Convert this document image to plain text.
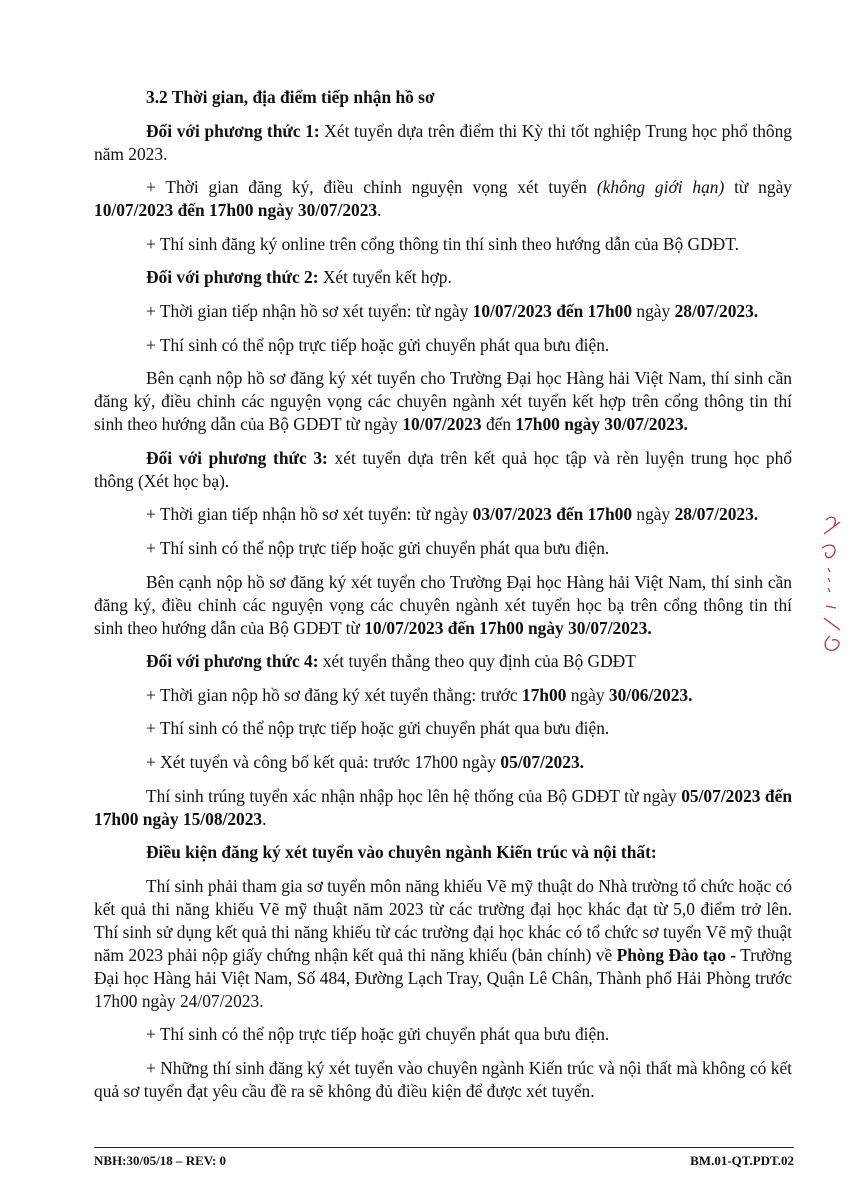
3.2 Thời gian, địa điểm tiếp nhận hồ sơ

Đối với phương thức 1: Xét tuyển dựa trên điểm thi Kỳ thi tốt nghiệp Trung học phổ thông năm 2023.

+ Thời gian đăng ký, điều chỉnh nguyện vọng xét tuyển (không giới hạn) từ ngày 10/07/2023 đến 17h00 ngày 30/07/2023.

+ Thí sinh đăng ký online trên cổng thông tin thí sinh theo hướng dẫn của Bộ GDĐT.

Đối với phương thức 2: Xét tuyển kết hợp.

+ Thời gian tiếp nhận hồ sơ xét tuyển: từ ngày 10/07/2023 đến 17h00 ngày 28/07/2023.

+ Thí sinh có thể nộp trực tiếp hoặc gửi chuyển phát qua bưu điện.

Bên cạnh nộp hồ sơ đăng ký xét tuyển cho Trường Đại học Hàng hải Việt Nam, thí sinh cần đăng ký, điều chỉnh các nguyện vọng các chuyên ngành xét tuyển kết hợp trên cổng thông tin thí sinh theo hướng dẫn của Bộ GDĐT từ ngày 10/07/2023 đến 17h00 ngày 30/07/2023.

Đối với phương thức 3: xét tuyển dựa trên kết quả học tập và rèn luyện trung học phổ thông (Xét học bạ).

+ Thời gian tiếp nhận hồ sơ xét tuyển: từ ngày 03/07/2023 đến 17h00 ngày 28/07/2023.

+ Thí sinh có thể nộp trực tiếp hoặc gửi chuyển phát qua bưu điện.

Bên cạnh nộp hồ sơ đăng ký xét tuyển cho Trường Đại học Hàng hải Việt Nam, thí sinh cần đăng ký, điều chỉnh các nguyện vọng các chuyên ngành xét tuyển học bạ trên cổng thông tin thí sinh theo hướng dẫn của Bộ GDĐT từ 10/07/2023 đến 17h00 ngày 30/07/2023.

Đối với phương thức 4: xét tuyển thẳng theo quy định của Bộ GDĐT

+ Thời gian nộp hồ sơ đăng ký xét tuyển thẳng: trước 17h00 ngày 30/06/2023.

+ Thí sinh có thể nộp trực tiếp hoặc gửi chuyển phát qua bưu điện.

+ Xét tuyển và công bố kết quả: trước 17h00 ngày 05/07/2023.

Thí sinh trúng tuyển xác nhận nhập học lên hệ thống của Bộ GDĐT từ ngày 05/07/2023 đến 17h00 ngày 15/08/2023.

Điều kiện đăng ký xét tuyển vào chuyên ngành Kiến trúc và nội thất:

Thí sinh phải tham gia sơ tuyển môn năng khiếu Vẽ mỹ thuật do Nhà trường tổ chức hoặc có kết quả thi năng khiếu Vẽ mỹ thuật năm 2023 từ các trường đại học khác đạt từ 5,0 điểm trở lên. Thí sinh sử dụng kết quả thi năng khiếu từ các trường đại học khác có tổ chức sơ tuyển Vẽ mỹ thuật năm 2023 phải nộp giấy chứng nhận kết quả thi năng khiếu (bản chính) về Phòng Đào tạo - Trường Đại học Hàng hải Việt Nam, Số 484, Đường Lạch Tray, Quận Lê Chân, Thành phố Hải Phòng trước 17h00 ngày 24/07/2023.

+ Thí sinh có thể nộp trực tiếp hoặc gửi chuyển phát qua bưu điện.

+ Những thí sinh đăng ký xét tuyển vào chuyên ngành Kiến trúc và nội thất mà không có kết quả sơ tuyển đạt yêu cầu đề ra sẽ không đủ điều kiện để được xét tuyển.

NBH:30/05/18 – REV: 0	BM.01-QT.PDT.02
